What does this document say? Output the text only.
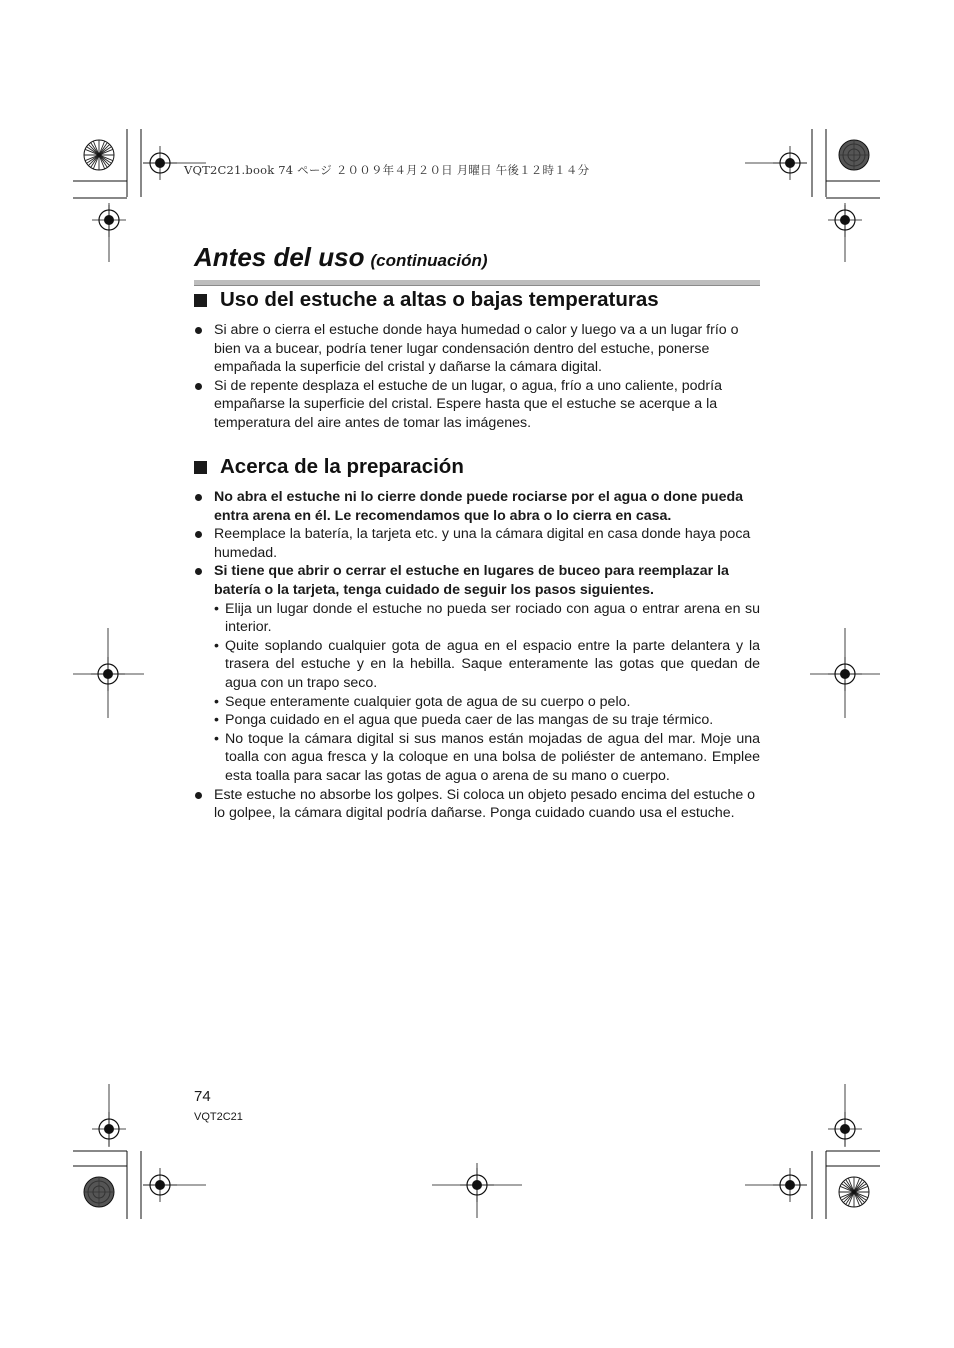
VQT2C21.book 74 ページ ２００９年４月２０日 月曜日 午後１２時１４分
Antes del uso (continuación)
Uso del estuche a altas o bajas temperaturas
Si abre o cierra el estuche donde haya humedad o calor y luego va a un lugar frío o bien va a bucear, podría tener lugar condensación dentro del estuche, ponerse empañada la superficie del cristal y dañarse la cámara digital.
Si de repente desplaza el estuche de un lugar, o agua, frío a uno caliente, podría empañarse la superficie del cristal. Espere hasta que el estuche se acerque a la temperatura del aire antes de tomar las imágenes.
Acerca de la preparación
No abra el estuche ni lo cierre donde puede rociarse por el agua o done pueda entra arena en él. Le recomendamos que lo abra o lo cierra en casa.
Reemplace la batería, la tarjeta etc. y una la cámara digital en casa donde haya poca humedad.
Si tiene que abrir o cerrar el estuche en lugares de buceo para reemplazar la batería o la tarjeta, tenga cuidado de seguir los pasos siguientes.
• Elija un lugar donde el estuche no pueda ser rociado con agua o entrar arena en su interior.
• Quite soplando cualquier gota de agua en el espacio entre la parte delantera y la trasera del estuche y en la hebilla. Saque enteramente las gotas que quedan de agua con un trapo seco.
• Seque enteramente cualquier gota de agua de su cuerpo o pelo.
• Ponga cuidado en el agua que pueda caer de las mangas de su traje térmico.
• No toque la cámara digital si sus manos están mojadas de agua del mar. Moje una toalla con agua fresca y la coloque en una bolsa de poliéster de antemano. Emplee esta toalla para sacar las gotas de agua o arena de su mano o cuerpo.
Este estuche no absorbe los golpes. Si coloca un objeto pesado encima del estuche o lo golpee, la cámara digital podría dañarse. Ponga cuidado cuando usa el estuche.
74
VQT2C21
